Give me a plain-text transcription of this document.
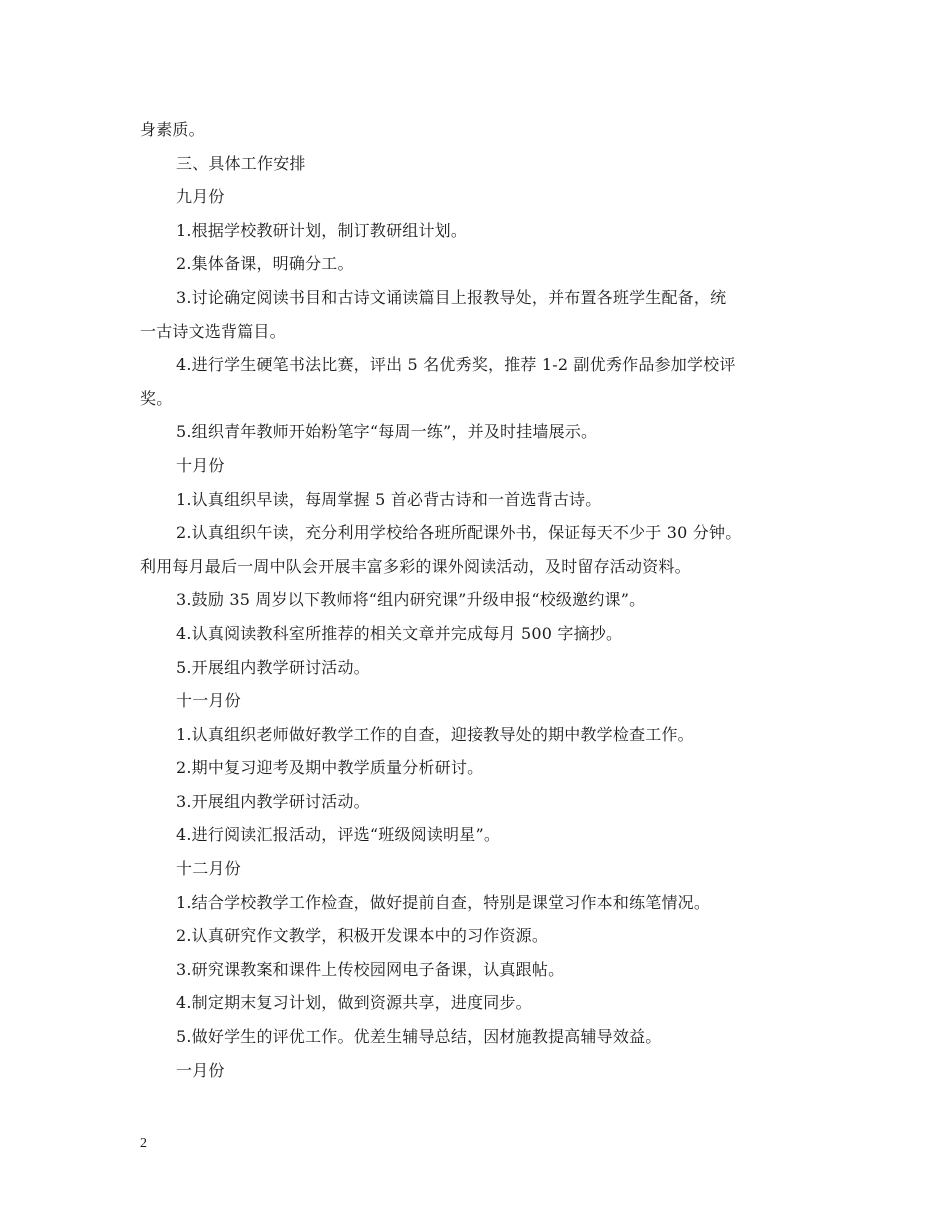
身素质。
三、具体工作安排
九月份
1.根据学校教研计划，制订教研组计划。
2.集体备课，明确分工。
3.讨论确定阅读书目和古诗文诵读篇目上报教导处，并布置各班学生配备，统
一古诗文选背篇目。
4.进行学生硬笔书法比赛，评出 5 名优秀奖，推荐 1-2 副优秀作品参加学校评
奖。
5.组织青年教师开始粉笔字“每周一练”，并及时挂墙展示。
十月份
1.认真组织早读，每周掌握 5 首必背古诗和一首选背古诗。
2.认真组织午读，充分利用学校给各班所配课外书，保证每天不少于 30 分钟。
利用每月最后一周中队会开展丰富多彩的课外阅读活动，及时留存活动资料。
3.鼓励 35 周岁以下教师将“组内研究课”升级申报“校级邀约课”。
4.认真阅读教科室所推荐的相关文章并完成每月 500 字摘抄。
5.开展组内教学研讨活动。
十一月份
1.认真组织老师做好教学工作的自查，迎接教导处的期中教学检查工作。
2.期中复习迎考及期中教学质量分析研讨。
3.开展组内教学研讨活动。
4.进行阅读汇报活动，评选“班级阅读明星”。
十二月份
1.结合学校教学工作检查，做好提前自查，特别是课堂习作本和练笔情况。
2.认真研究作文教学，积极开发课本中的习作资源。
3.研究课教案和课件上传校园网电子备课，认真跟帖。
4.制定期末复习计划，做到资源共享，进度同步。
5.做好学生的评优工作。优差生辅导总结，因材施教提高辅导效益。
一月份
2
